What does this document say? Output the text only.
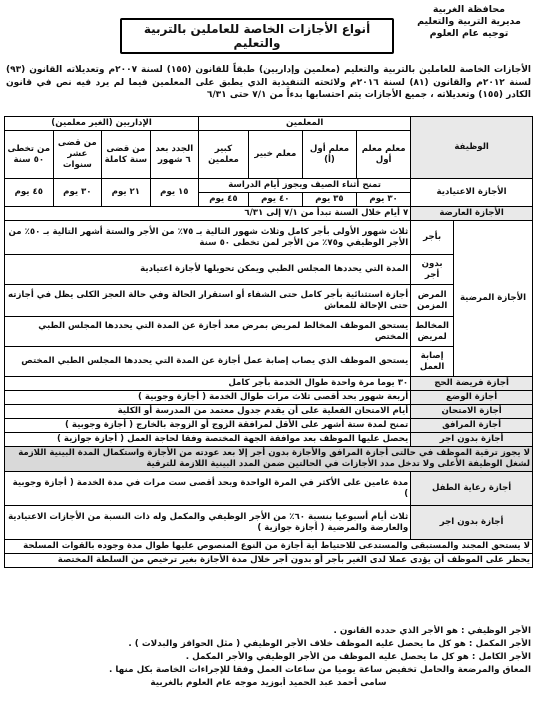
محافظة الغربية
مديرية التربية والتعليم
توجيه عام العلوم
أنواع الأجازات الخاصة للعاملين بالتربية والتعليم
الأجازات الخاصة للعاملين بالتربية والتعليم (معلمين وإداريين) طبقاً للقانون (١٥٥) لسنة ٢٠٠٧م وتعديلاته القانون (٩٣) لسنة ٢٠١٢م والقانون (٨١) لسنة ٢٠١٦م ولائحته التنفيذية الذي يطبق على المعلمين فيما لم يرد فيه نص في قانون الكادر (١٥٥) وتعديلاته ، جميع الأجازات يتم احتسابها بدءاً من ٧/١ حتى ٦/٣١
الوظيفة		المعلمين				الإداريين (الغير معلمين)			
		معلم معلم أول	معلم أول (أ)	معلم خبير	كبير معلمين	الجدد بعد ٦ شهور	من قضى سنة كاملة	من قضى عشر سنوات	من تخطى ٥٠ سنة
الأجازة الاعتيادية		تمنح أثناء الصيف ويجوز أيام الدراسة				١٥ يوم	٢١ يوم	٣٠ يوم	٤٥ يوم
		٣٠ يوم	٣٥ يوم	٤٠ يوم	٤٥ يوم				
الأجازة العارضة		٧ أيام خلال السنة تبدأ من ٧/١ إلى ٦/٣١							
الأجازة المرضية	بأجر	ثلاث شهور الأولى بأجر كامل وثلاث شهور التالية بـ ٧٥٪ من الأجر والستة أشهر التالية بـ ٥٠٪ من الأجر الوظيفي و٧٥٪ من الأجر لمن تخطى ٥٠ سنة							
	بدون أجر	المدة التي يحددها المجلس الطبي ويمكن تحويلها لأجازة اعتيادية							
	المرض المزمن	أجازة استثنائية بأجر كامل حتى الشفاء أو استقرار الحالة وفي حالة العجز الكلى يظل في أجازته حتى الإحالة للمعاش							
	المخالط لمريض	يستحق الموظف المخالط لمريض بمرض معد أجازة عن المدة التي يحددها المجلس الطبي المختص							
	إصابة العمل	يستحق الموظف الذي يصاب إصابة عمل أجازة عن المدة التي يحددها المجلس الطبي المختص							
أجازة فريضة الحج		٣٠ يوما مرة واحدة طوال الخدمة بأجر كامل							
أجازة الوضع		أربعة شهور بحد أقصى ثلاث مرات طوال الخدمة ( أجازة وجوبية )							
أجازة الامتحان		أيام الامتحان الفعلية على أن يقدم جدول معتمد من المدرسة أو الكلية							
أجازة المرافق		تمنح لمدة ستة أشهر على الأقل لمرافقة الزوج أو الزوجة بالخارج ( أجازة وجوبية )							
أجازة بدون اجر		يحصل عليها الموظف بعد موافقة الجهة المختصة وفقا لحاجة العمل ( أجازة جوازية )							
لا يجوز ترقية الموظف في حالتى أجازة المرافق والأجازة بدون أجر إلا بعد عودته من الأجازة واستكمال المدة البينية اللازمة لشغل الوظيفة الأعلى ولا تدخل مدد الأجازات في الحالتين ضمن المدد البينية اللازمة للترقية									
أجازة رعاية الطفل		مدة عامين على الأكثر في المرة الواحدة وبحد أقصى ست مرات في مدة الخدمة ( أجازة وجوبية )							
أجازة بدون اجر		ثلاث أيام أسبوعيا بنسبة ٦٠٪ من الأجر الوظيفي والمكمل وله ذات النسبة من الأجازات الاعتيادية والعارضة والمرضية ( أجازة جوازية )							
لا يستحق المجند والمستبقى والمستدعى للاحتياط أية أجازة من النوع المنصوص عليها طوال مدة وجوده بالقوات المسلحة									
يحظر على الموظف أن يؤدى عملا لدى الغير بأجر أو بدون أجر خلال مدة الأجازة بغير ترخيص من السلطة المختصة									
الأجر الوظيفي : هو الأجر الذي حدده القانون .
الأجر المكمل : هو كل ما يحصل عليه الموظف خلاف الأجر الوظيفي ( مثل الحوافز والبدلات ) .
الأجر الكامل : هو كل ما يحصل عليه الموظف من الأجر الوظيفي والأجر المكمل .
المعاق والمرضعة والحامل تخفيض ساعة يوميا من ساعات العمل وفقا للإجراءات الخاصة بكل منها .
سامى أحمد عبد الحميد أبوزيد موجه عام العلوم بالغربية
